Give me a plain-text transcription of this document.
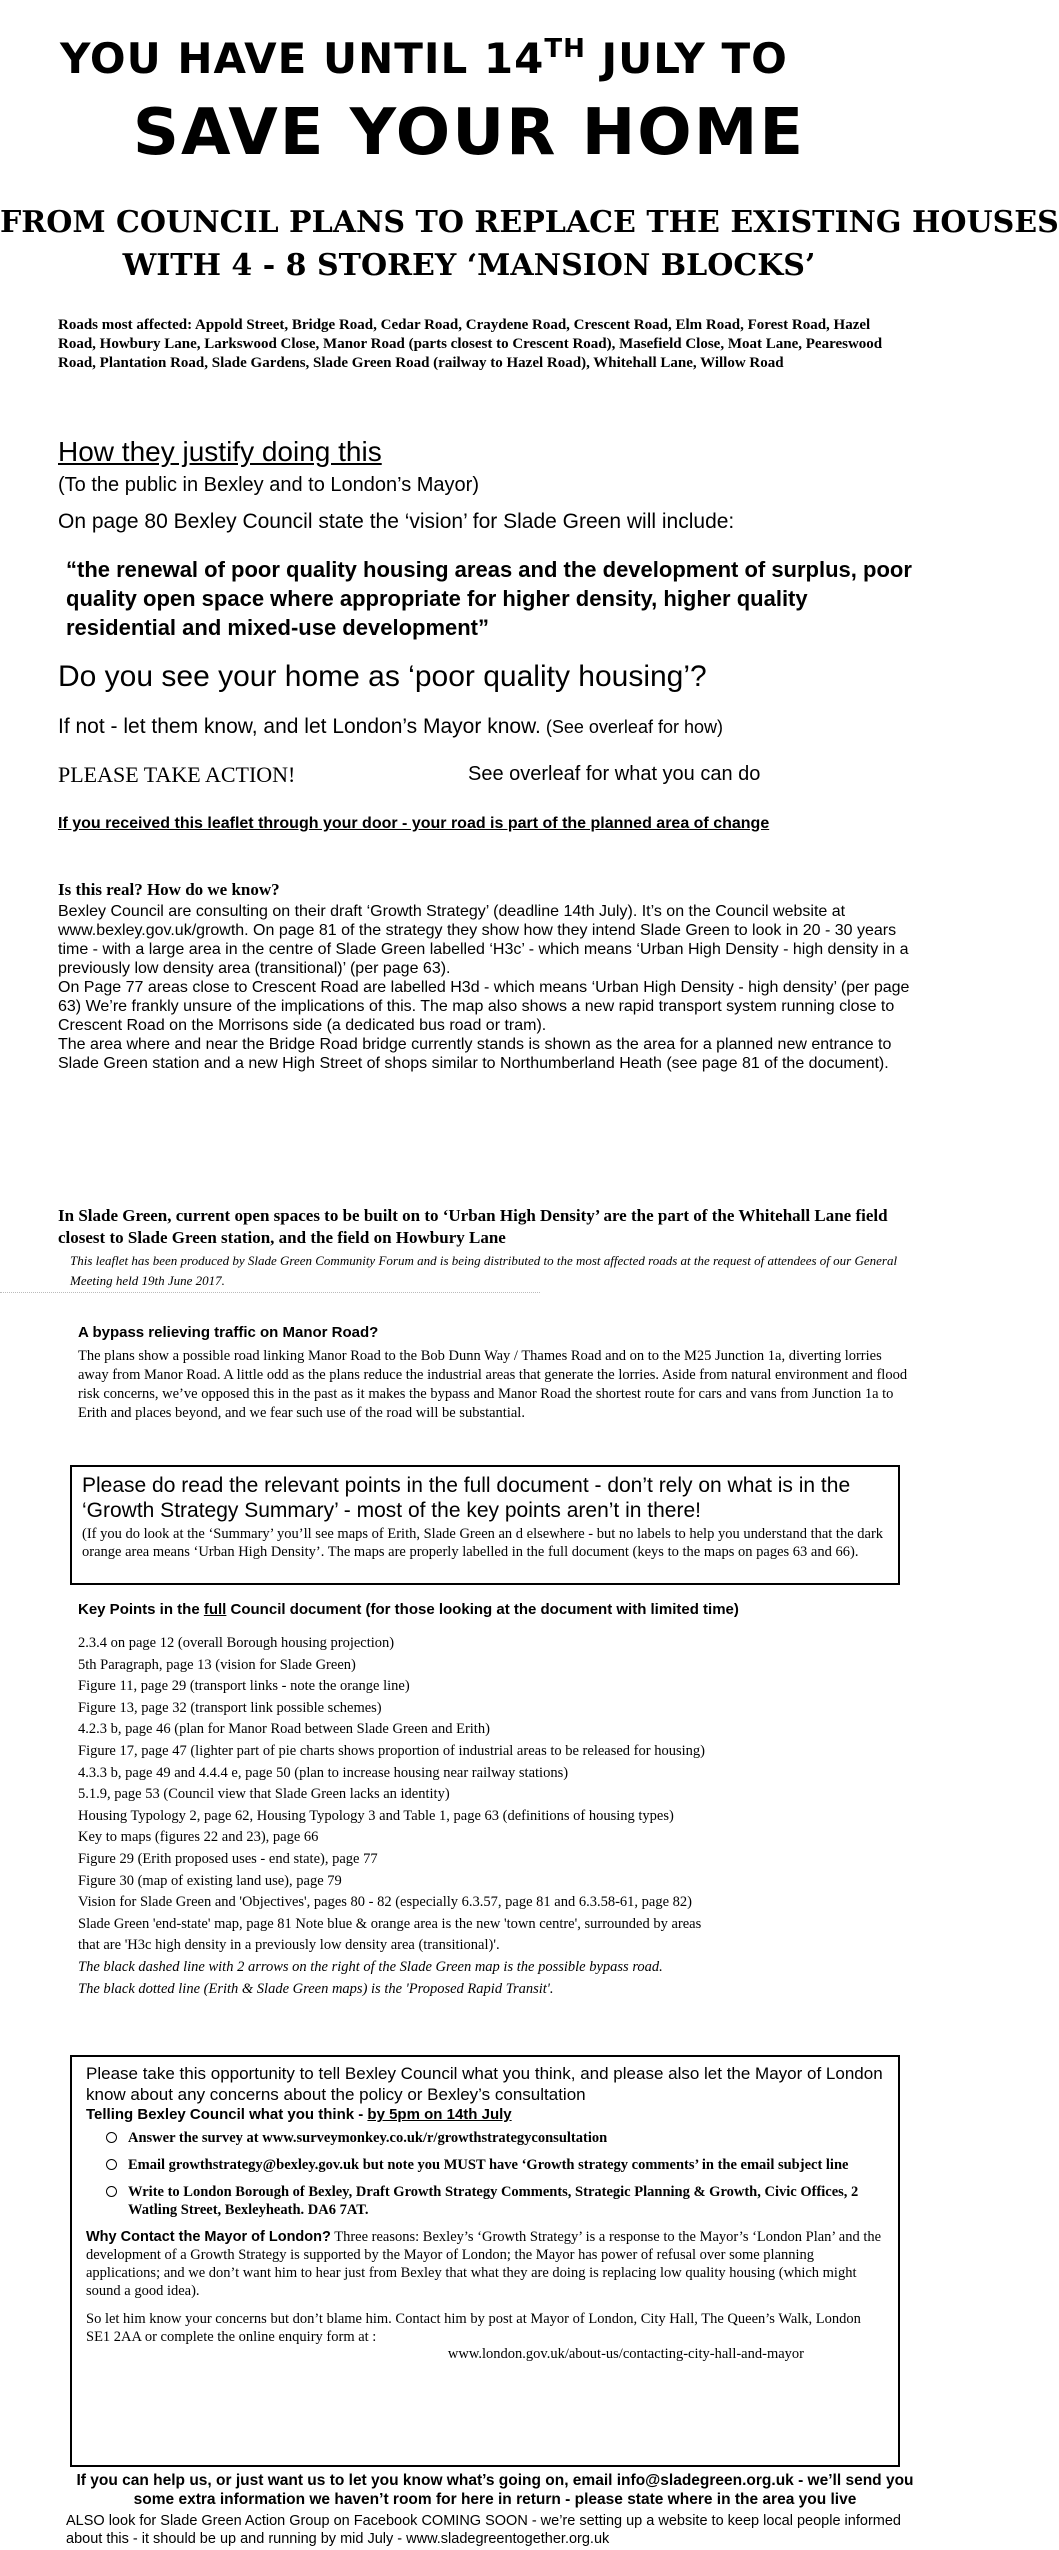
YOU HAVE UNTIL 14TH JULY TO
SAVE YOUR HOME
FROM COUNCIL PLANS TO REPLACE THE EXISTING HOUSES
WITH 4 - 8 STOREY ‘MANSION BLOCKS’
Roads most affected: Appold Street, Bridge Road, Cedar Road, Craydene Road, Crescent Road, Elm Road, Forest Road, Hazel Road, Howbury Lane, Larkswood Close, Manor Road (parts closest to Crescent Road), Masefield Close, Moat Lane, Peareswood Road, Plantation Road, Slade Gardens, Slade Green Road (railway to Hazel Road), Whitehall Lane, Willow Road
How they justify doing this
(To the public in Bexley and to London’s Mayor)
On page 80 Bexley Council state the ‘vision’ for Slade Green will include:
“the renewal of poor quality housing areas and the development of surplus, poor quality open space where appropriate for higher density, higher quality residential and mixed-use development”
Do you see your home as ‘poor quality housing’?
If not - let them know, and let London’s Mayor know. (See overleaf for how)
PLEASE TAKE ACTION!	See overleaf for what you can do
If you received this leaflet through your door - your road is part of the planned area of change
Is this real? How do we know?
Bexley Council are consulting on their draft ‘Growth Strategy’ (deadline 14th July). It’s on the Council website at www.bexley.gov.uk/growth. On page 81 of the strategy they show how they intend Slade Green to look in 20 - 30 years time - with a large area in the centre of Slade Green labelled ‘H3c’ - which means ‘Urban High Density - high density in a previously low density area (transitional)’ (per page 63).
On Page 77 areas close to Crescent Road are labelled H3d - which means ‘Urban High Density - high density’ (per page 63) We’re frankly unsure of the implications of this. The map also shows a new rapid transport system running close to Crescent Road on the Morrisons side (a dedicated bus road or tram).
The area where and near the Bridge Road bridge currently stands is shown as the area for a planned new entrance to Slade Green station and a new High Street of shops similar to Northumberland Heath (see page 81 of the document).
In Slade Green, current open spaces to be built on to ‘Urban High Density’ are the part of the Whitehall Lane field closest to Slade Green station, and the field on Howbury Lane
This leaflet has been produced by Slade Green Community Forum and is being distributed to the most affected roads at the request of attendees of our General Meeting held 19th June 2017.
A bypass relieving traffic on Manor Road?
The plans show a possible road linking Manor Road to the Bob Dunn Way / Thames Road and on to the M25 Junction 1a, diverting lorries away from Manor Road. A little odd as the plans reduce the industrial areas that generate the lorries. Aside from natural environment and flood risk concerns, we’ve opposed this in the past as it makes the bypass and Manor Road the shortest route for cars and vans from Junction 1a to Erith and places beyond, and we fear such use of the road will be substantial.
Please do read the relevant points in the full document - don’t rely on what is in the ‘Growth Strategy Summary’ - most of the key points aren’t in there!
(If you do look at the ‘Summary’ you’ll see maps of Erith, Slade Green an d elsewhere - but no labels to help you understand that the dark orange area means ‘Urban High Density’. The maps are properly labelled in the full document (keys to the maps on pages 63 and 66).
Key Points in the full Council document (for those looking at the document with limited time)
2.3.4 on page 12 (overall Borough housing projection)
5th Paragraph, page 13 (vision for Slade Green)
Figure 11, page 29 (transport links - note the orange line)
Figure 13, page 32 (transport link possible schemes)
4.2.3 b, page 46 (plan for Manor Road between Slade Green and Erith)
Figure 17, page 47 (lighter part of pie charts shows proportion of industrial areas to be released for housing)
4.3.3 b, page 49 and 4.4.4 e, page 50 (plan to increase housing near railway stations)
5.1.9, page 53 (Council view that Slade Green lacks an identity)
Housing Typology 2, page 62, Housing Typology 3 and Table 1, page 63 (definitions of housing types)
Key to maps (figures 22 and 23), page 66
Figure 29 (Erith proposed uses - end state), page 77
Figure 30 (map of existing land use), page 79
Vision for Slade Green and 'Objectives', pages 80 - 82 (especially 6.3.57, page 81 and 6.3.58-61, page 82)
Slade Green 'end-state' map, page 81 Note blue & orange area is the new 'town centre', surrounded by areas
that are 'H3c high density in a previously low density area (transitional)'.
The black dashed line with 2 arrows on the right of the Slade Green map is the possible bypass road.
The black dotted line (Erith & Slade Green maps) is the 'Proposed Rapid Transit'.
Please take this opportunity to tell Bexley Council what you think, and please also let the Mayor of London know about any concerns about the policy or Bexley’s consultation
Telling Bexley Council what you think - by 5pm on 14th July
Answer the survey at www.surveymonkey.co.uk/r/growthstrategyconsultation
Email growthstrategy@bexley.gov.uk but note you MUST have ‘Growth strategy comments’ in the email subject line
Write to London Borough of Bexley, Draft Growth Strategy Comments, Strategic Planning & Growth, Civic Offices, 2 Watling Street, Bexleyheath. DA6 7AT.
Why Contact the Mayor of London? Three reasons: Bexley’s ‘Growth Strategy’ is a response to the Mayor’s ‘London Plan’ and the development of a Growth Strategy is supported by the Mayor of London; the Mayor has power of refusal over some planning applications; and we don’t want him to hear just from Bexley that what they are doing is replacing low quality housing (which might sound a good idea).
So let him know your concerns but don’t blame him. Contact him by post at Mayor of London, City Hall, The Queen’s Walk, London SE1 2AA or complete the online enquiry form at :
www.london.gov.uk/about-us/contacting-city-hall-and-mayor
If you can help us, or just want us to let you know what’s going on, email info@sladegreen.org.uk - we’ll send you some extra information we haven’t room for here in return - please state where in the area you live
ALSO look for Slade Green Action Group on Facebook COMING SOON - we’re setting up a website to keep local people informed about this - it should be up and running by mid July - www.sladegreentogether.org.uk
